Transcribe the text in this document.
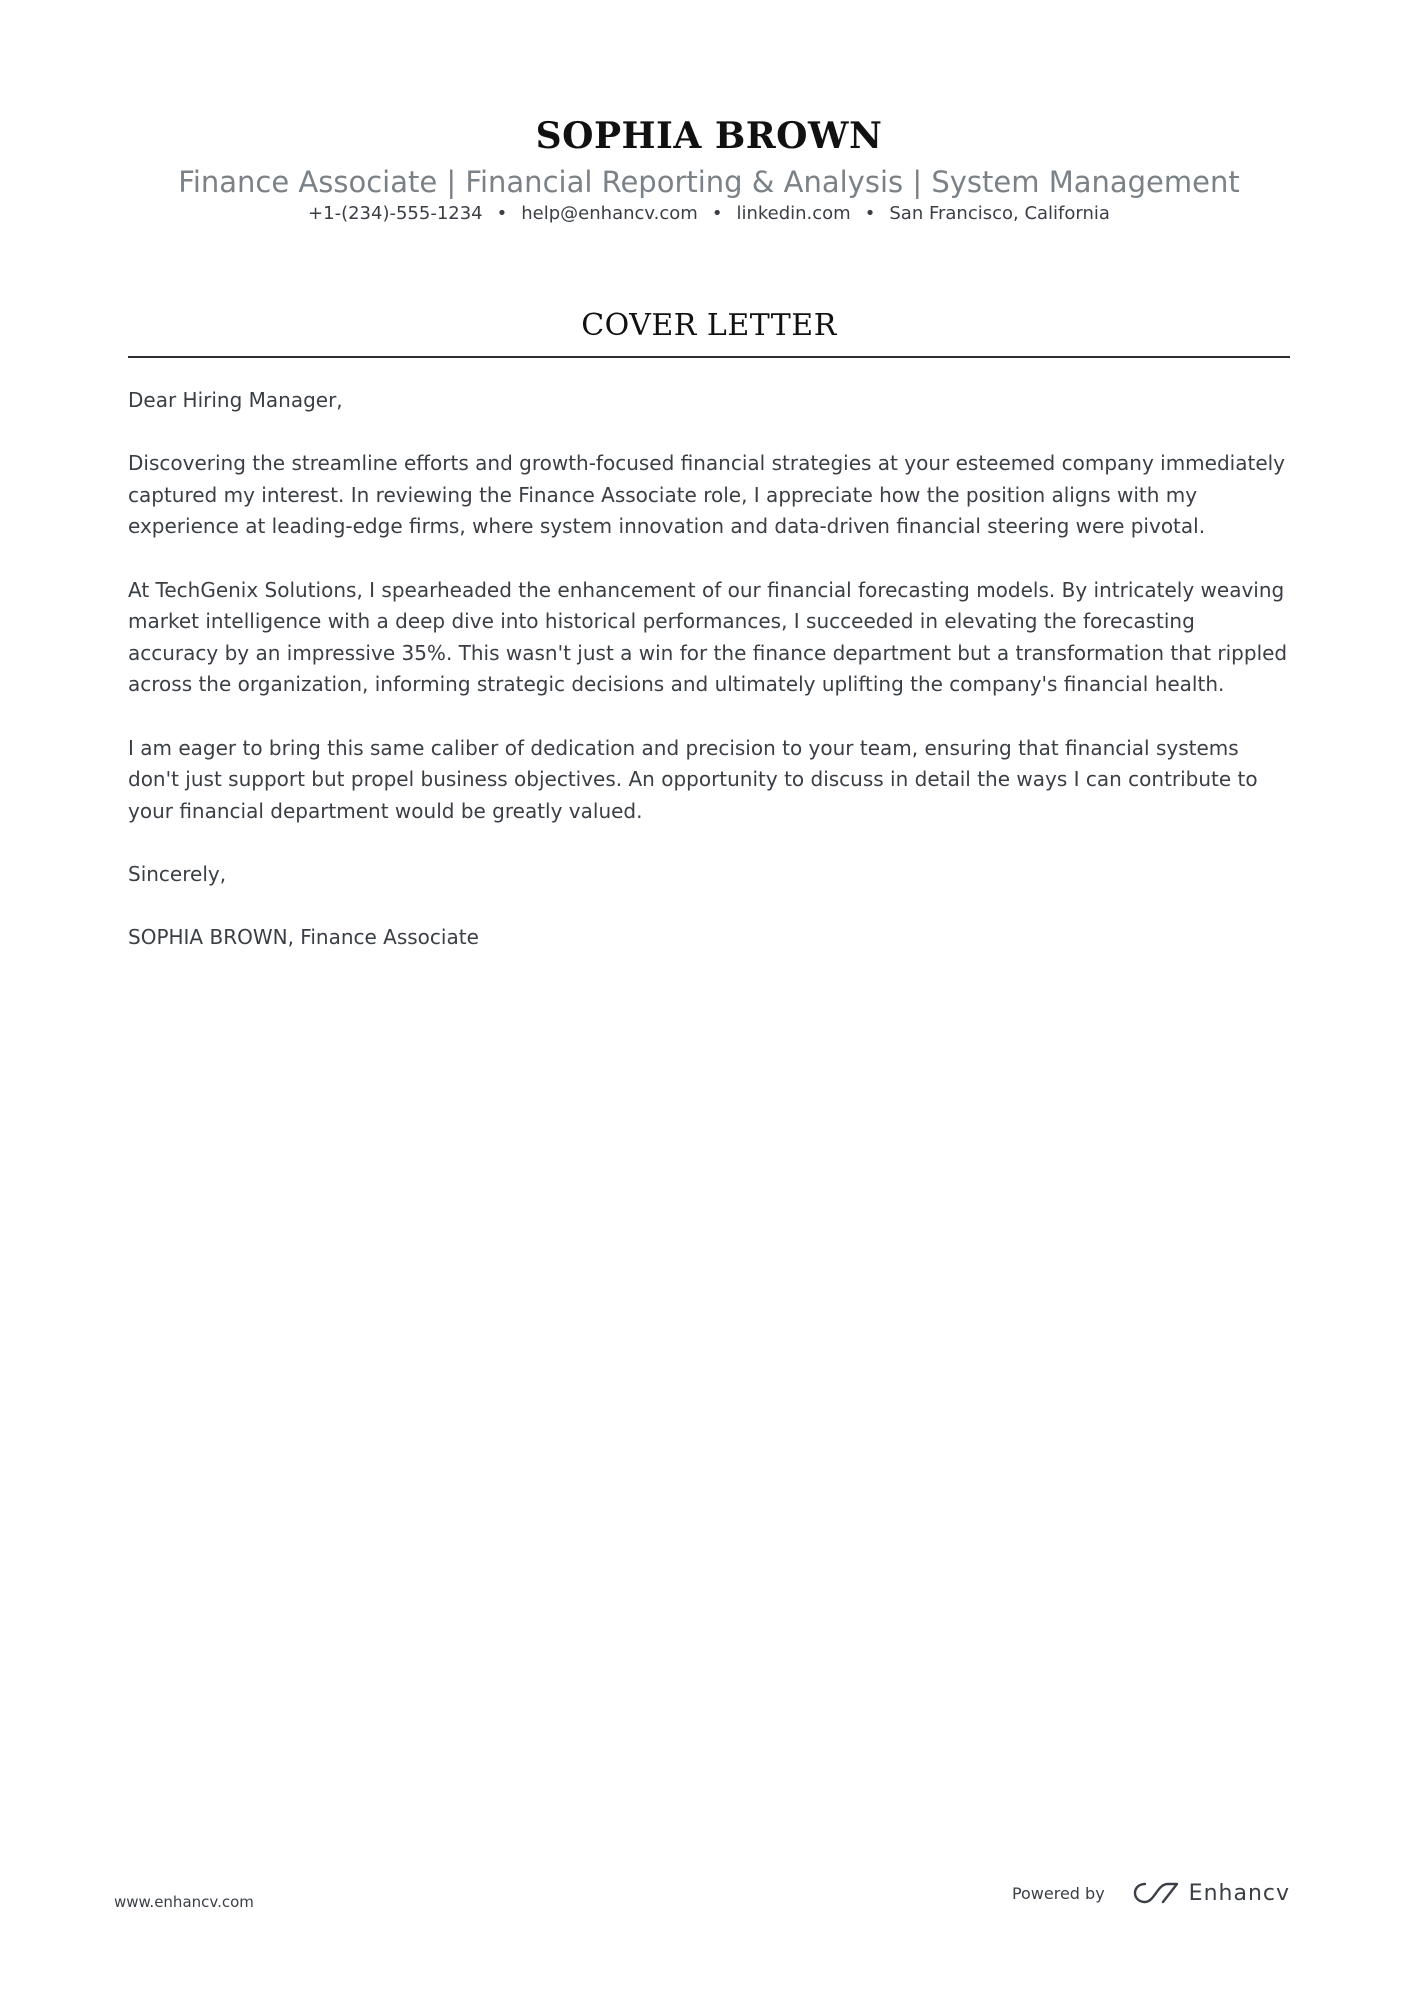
SOPHIA BROWN
Finance Associate | Financial Reporting & Analysis | System Management
+1-(234)-555-1234 • help@enhancv.com • linkedin.com • San Francisco, California
COVER LETTER

Dear Hiring Manager,

Discovering the streamline efforts and growth-focused financial strategies at your esteemed company immediately captured my interest. In reviewing the Finance Associate role, I appreciate how the position aligns with my experience at leading-edge firms, where system innovation and data-driven financial steering were pivotal.

At TechGenix Solutions, I spearheaded the enhancement of our financial forecasting models. By intricately weaving market intelligence with a deep dive into historical performances, I succeeded in elevating the forecasting accuracy by an impressive 35%. This wasn't just a win for the finance department but a transformation that rippled across the organization, informing strategic decisions and ultimately uplifting the company's financial health.

I am eager to bring this same caliber of dedication and precision to your team, ensuring that financial systems don't just support but propel business objectives. An opportunity to discuss in detail the ways I can contribute to your financial department would be greatly valued.

Sincerely,

SOPHIA BROWN, Finance Associate

www.enhancv.com	Powered by	Enhancv
